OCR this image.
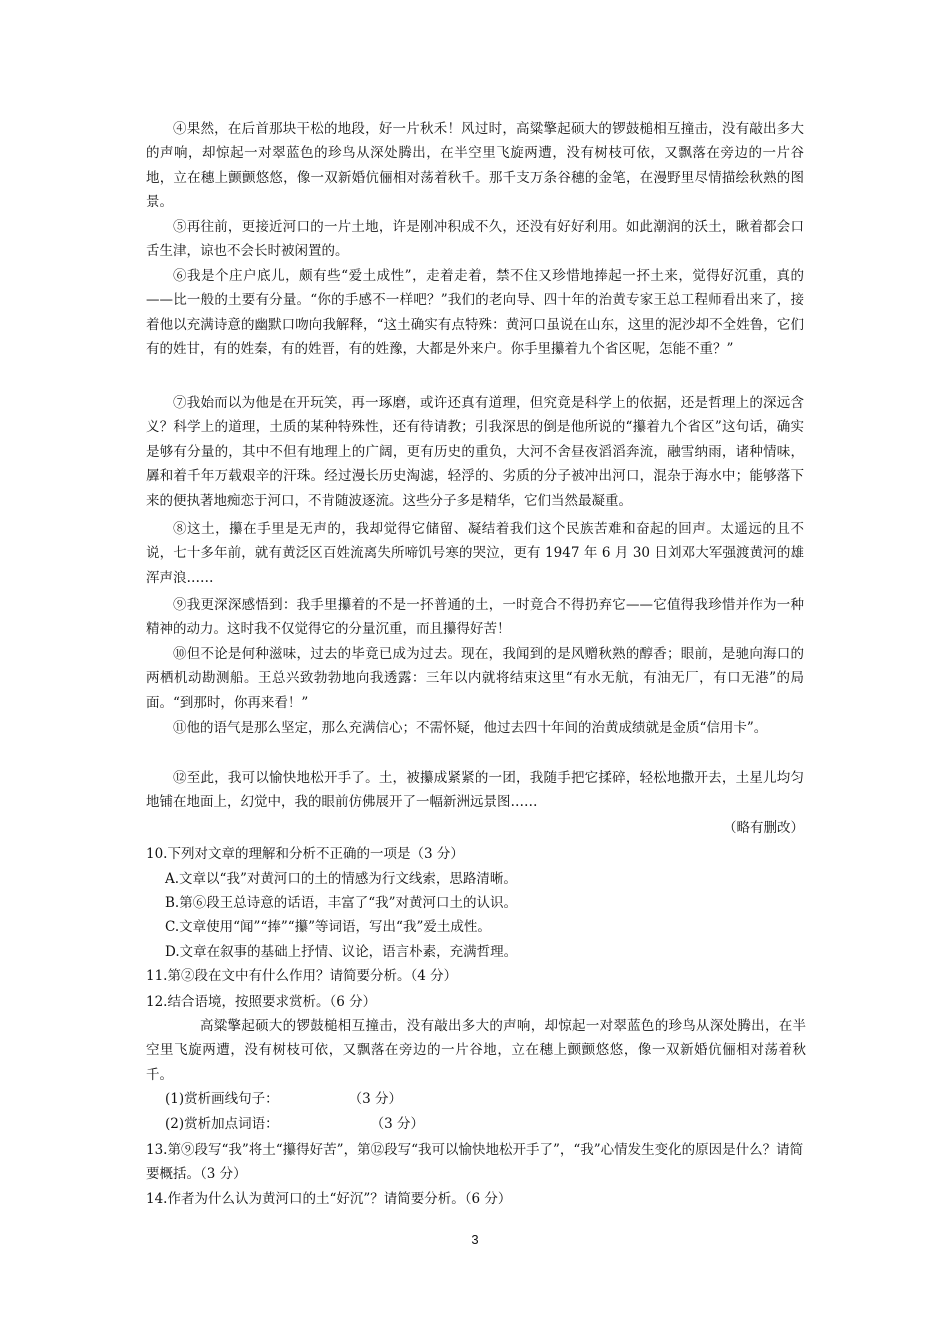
④果然，在后首那块干松的地段，好一片秋禾！风过时，高粱擎起硕大的锣鼓槌相互撞击，没有敲出多大的声响，却惊起一对翠蓝色的珍鸟从深处腾出，在半空里飞旋两遭，没有树枝可依，又飘落在旁边的一片谷地，立在穗上颤颤悠悠，像一双新婚伉俪相对荡着秋千。那千支万条谷穗的金笔，在漫野里尽情描绘秋熟的图景。

⑤再往前，更接近河口的一片土地，许是刚冲积成不久，还没有好好利用。如此潮润的沃土，瞅着都会口舌生津，谅也不会长时被闲置的。

⑥我是个庄户底儿，颇有些“爱土成性”，走着走着，禁不住又珍惜地捧起一抔土来，觉得好沉重，真的——比一般的土要有分量。“你的手感不一样吧？”我们的老向导、四十年的治黄专家王总工程师看出来了，接着他以充满诗意的幽默口吻向我解释，“这土确实有点特殊：黄河口虽说在山东，这里的泥沙却不全姓鲁，它们有的姓甘，有的姓秦，有的姓晋，有的姓豫，大都是外来户。你手里攥着九个省区呢，怎能不重？”

⑦我始而以为他是在开玩笑，再一琢磨，或许还真有道理，但究竟是科学上的依据，还是哲理上的深远含义？科学上的道理，土质的某种特殊性，还有待请教；引我深思的倒是他所说的“攥着九个省区”这句话，确实是够有分量的，其中不但有地理上的广阔，更有历史的重负，大河不舍昼夜滔滔奔流，融雪纳雨，诸种情味，羼和着千年万载艰辛的汗珠。经过漫长历史淘滤，轻浮的、劣质的分子被冲出河口，混杂于海水中；能够落下来的便执著地痴恋于河口，不肯随波逐流。这些分子多是精华，它们当然最凝重。

⑧这土，攥在手里是无声的，我却觉得它储留、凝结着我们这个民族苦难和奋起的回声。太遥远的且不说，七十多年前，就有黄泛区百姓流离失所啼饥号寒的哭泣，更有 1947 年 6 月 30 日刘邓大军强渡黄河的雄浑声浪……

⑨我更深深感悟到：我手里攥着的不是一抔普通的土，一时竟合不得扔弃它——它值得我珍惜并作为一种精神的动力。这时我不仅觉得它的分量沉重，而且攥得好苦！

⑩但不论是何种滋味，过去的毕竟已成为过去。现在，我闻到的是风赠秋熟的醇香；眼前，是驰向海口的两栖机动勘测船。王总兴致勃勃地向我透露：三年以内就将结束这里“有水无航，有油无厂，有口无港”的局面。“到那时，你再来看！”

⑪他的语气是那么坚定，那么充满信心；不需怀疑，他过去四十年间的治黄成绩就是金质“信用卡”。

⑫至此，我可以愉快地松开手了。土，被攥成紧紧的一团，我随手把它揉碎，轻松地撒开去，土星儿均匀地铺在地面上，幻觉中，我的眼前仿佛展开了一幅新洲远景图……

（略有删改）

10.下列对文章的理解和分析不正确的一项是（3 分）

A.文章以“我”对黄河口的土的情感为行文线索，思路清晰。

B.第⑥段王总诗意的话语，丰富了“我”对黄河口土的认识。

C.文章使用“闻”“捧”“攥”等词语，写出“我”爱土成性。

D.文章在叙事的基础上抒情、议论，语言朴素，充满哲理。

11.第②段在文中有什么作用？请简要分析。（4 分）

12.结合语境，按照要求赏析。（6 分）

高粱擎起硕大的锣鼓槌相互撞击，没有敲出多大的声响，却惊起一对翠蓝色的珍鸟从深处腾出，在半空里飞旋两遭，没有树枝可依，又飘落在旁边的一片谷地，立在穗上颤颤悠悠，像一双新婚伉俪相对荡着秋千。

(1)赏析画线句子：	（3 分）
(2)赏析加点词语：	（3 分）

13.第⑨段写“我”将土“攥得好苦”，第⑫段写“我可以愉快地松开手了”，“我”心情发生变化的原因是什么？请简要概括。（3 分）

14.作者为什么认为黄河口的土“好沉”？请简要分析。（6 分）

3
